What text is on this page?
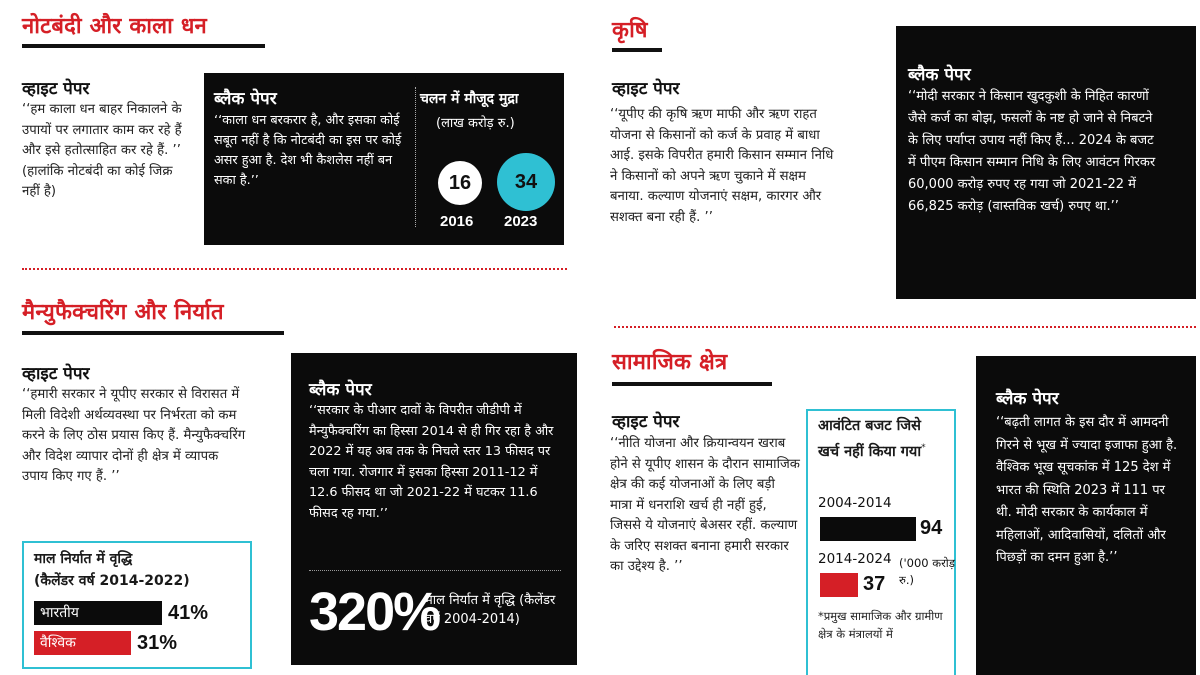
नोटबंदी और काला धन
व्हाइट पेपर
‘‘हम काला धन बाहर निकालने के उपायों पर लगातार काम कर रहे हैं और इसे हतोत्साहित कर रहे हैं. ’’ (हालांकि नोटबंदी का कोई जिक्र नहीं है)
ब्लैक पेपर
‘‘काला धन बरकरार है, और इसका कोई सबूत नहीं है कि नोटबंदी का इस पर कोई असर हुआ है. देश भी कैशलेस नहीं बन सका है.’’
चलन में मौजूद मुद्रा
(लाख करोड़ रु.)
16 34
2016 2023
मैन्युफैक्चरिंग और निर्यात
व्हाइट पेपर
‘‘हमारी सरकार ने यूपीए सरकार से विरासत में मिली विदेशी अर्थव्यवस्था पर निर्भरता को कम करने के लिए ठोस प्रयास किए हैं. मैन्युफैक्चरिंग और विदेश व्यापार दोनों ही क्षेत्र में व्यापक उपाय किए गए हैं. ’’
माल निर्यात में वृद्धि
(कैलेंडर वर्ष 2014-2022)
भारतीय	41%
वैश्विक	31%
ब्लैक पेपर
‘‘सरकार के पीआर दावों के विपरीत जीडीपी में मैन्युफैक्चरिंग का हिस्सा 2014 से ही गिर रहा है और 2022 में यह अब तक के निचले स्तर 13 फीसद पर चला गया. रोजगार में इसका हिस्सा 2011-12 में 12.6 फीसद था जो 2021-22 में घटकर 11.6 फीसद रह गया.’’
320%
माल निर्यात में वृद्धि (कैलेंडर वर्ष 2004-2014)
कृषि
व्हाइट पेपर
‘‘यूपीए की कृषि ऋण माफी और ऋण राहत योजना से किसानों को कर्ज के प्रवाह में बाधा आई. इसके विपरीत हमारी किसान सम्मान निधि ने किसानों को अपने ऋण चुकाने में सक्षम बनाया. कल्याण योजनाएं सक्षम, कारगर और सशक्त बना रही हैं. ’’
ब्लैक पेपर
‘‘मोदी सरकार ने किसान खुदकुशी के निहित कारणों जैसे कर्ज का बोझ, फसलों के नष्ट हो जाने से निबटने के लिए पर्याप्त उपाय नहीं किए हैं... 2024 के बजट में पीएम किसान सम्मान निधि के लिए आवंटन गिरकर 60,000 करोड़ रुपए रह गया जो 2021-22 में 66,825 करोड़ (वास्तविक खर्च) रुपए था.’’
सामाजिक क्षेत्र
व्हाइट पेपर
‘‘नीति योजना और क्रियान्वयन खराब होने से यूपीए शासन के दौरान सामाजिक क्षेत्र की कई योजनाओं के लिए बड़ी मात्रा में धनराशि खर्च ही नहीं हुई, जिससे ये योजनाएं बेअसर रहीं. कल्याण के जरिए सशक्त बनाना हमारी सरकार का उद्देश्य है. ’’
आवंटित बजट जिसे खर्च नहीं किया गया*
2004-2014
94
2014-2024 ('000 करोड़ रु.)
37
*प्रमुख सामाजिक और ग्रामीण क्षेत्र के मंत्रालयों में
ब्लैक पेपर
‘‘बढ़ती लागत के इस दौर में आमदनी गिरने से भूख में ज्यादा इजाफा हुआ है. वैश्विक भूख सूचकांक में 125 देश में भारत की स्थिति 2023 में 111 पर थी. मोदी सरकार के कार्यकाल में महिलाओं, आदिवासियों, दलितों और पिछड़ों का दमन हुआ है.’’
